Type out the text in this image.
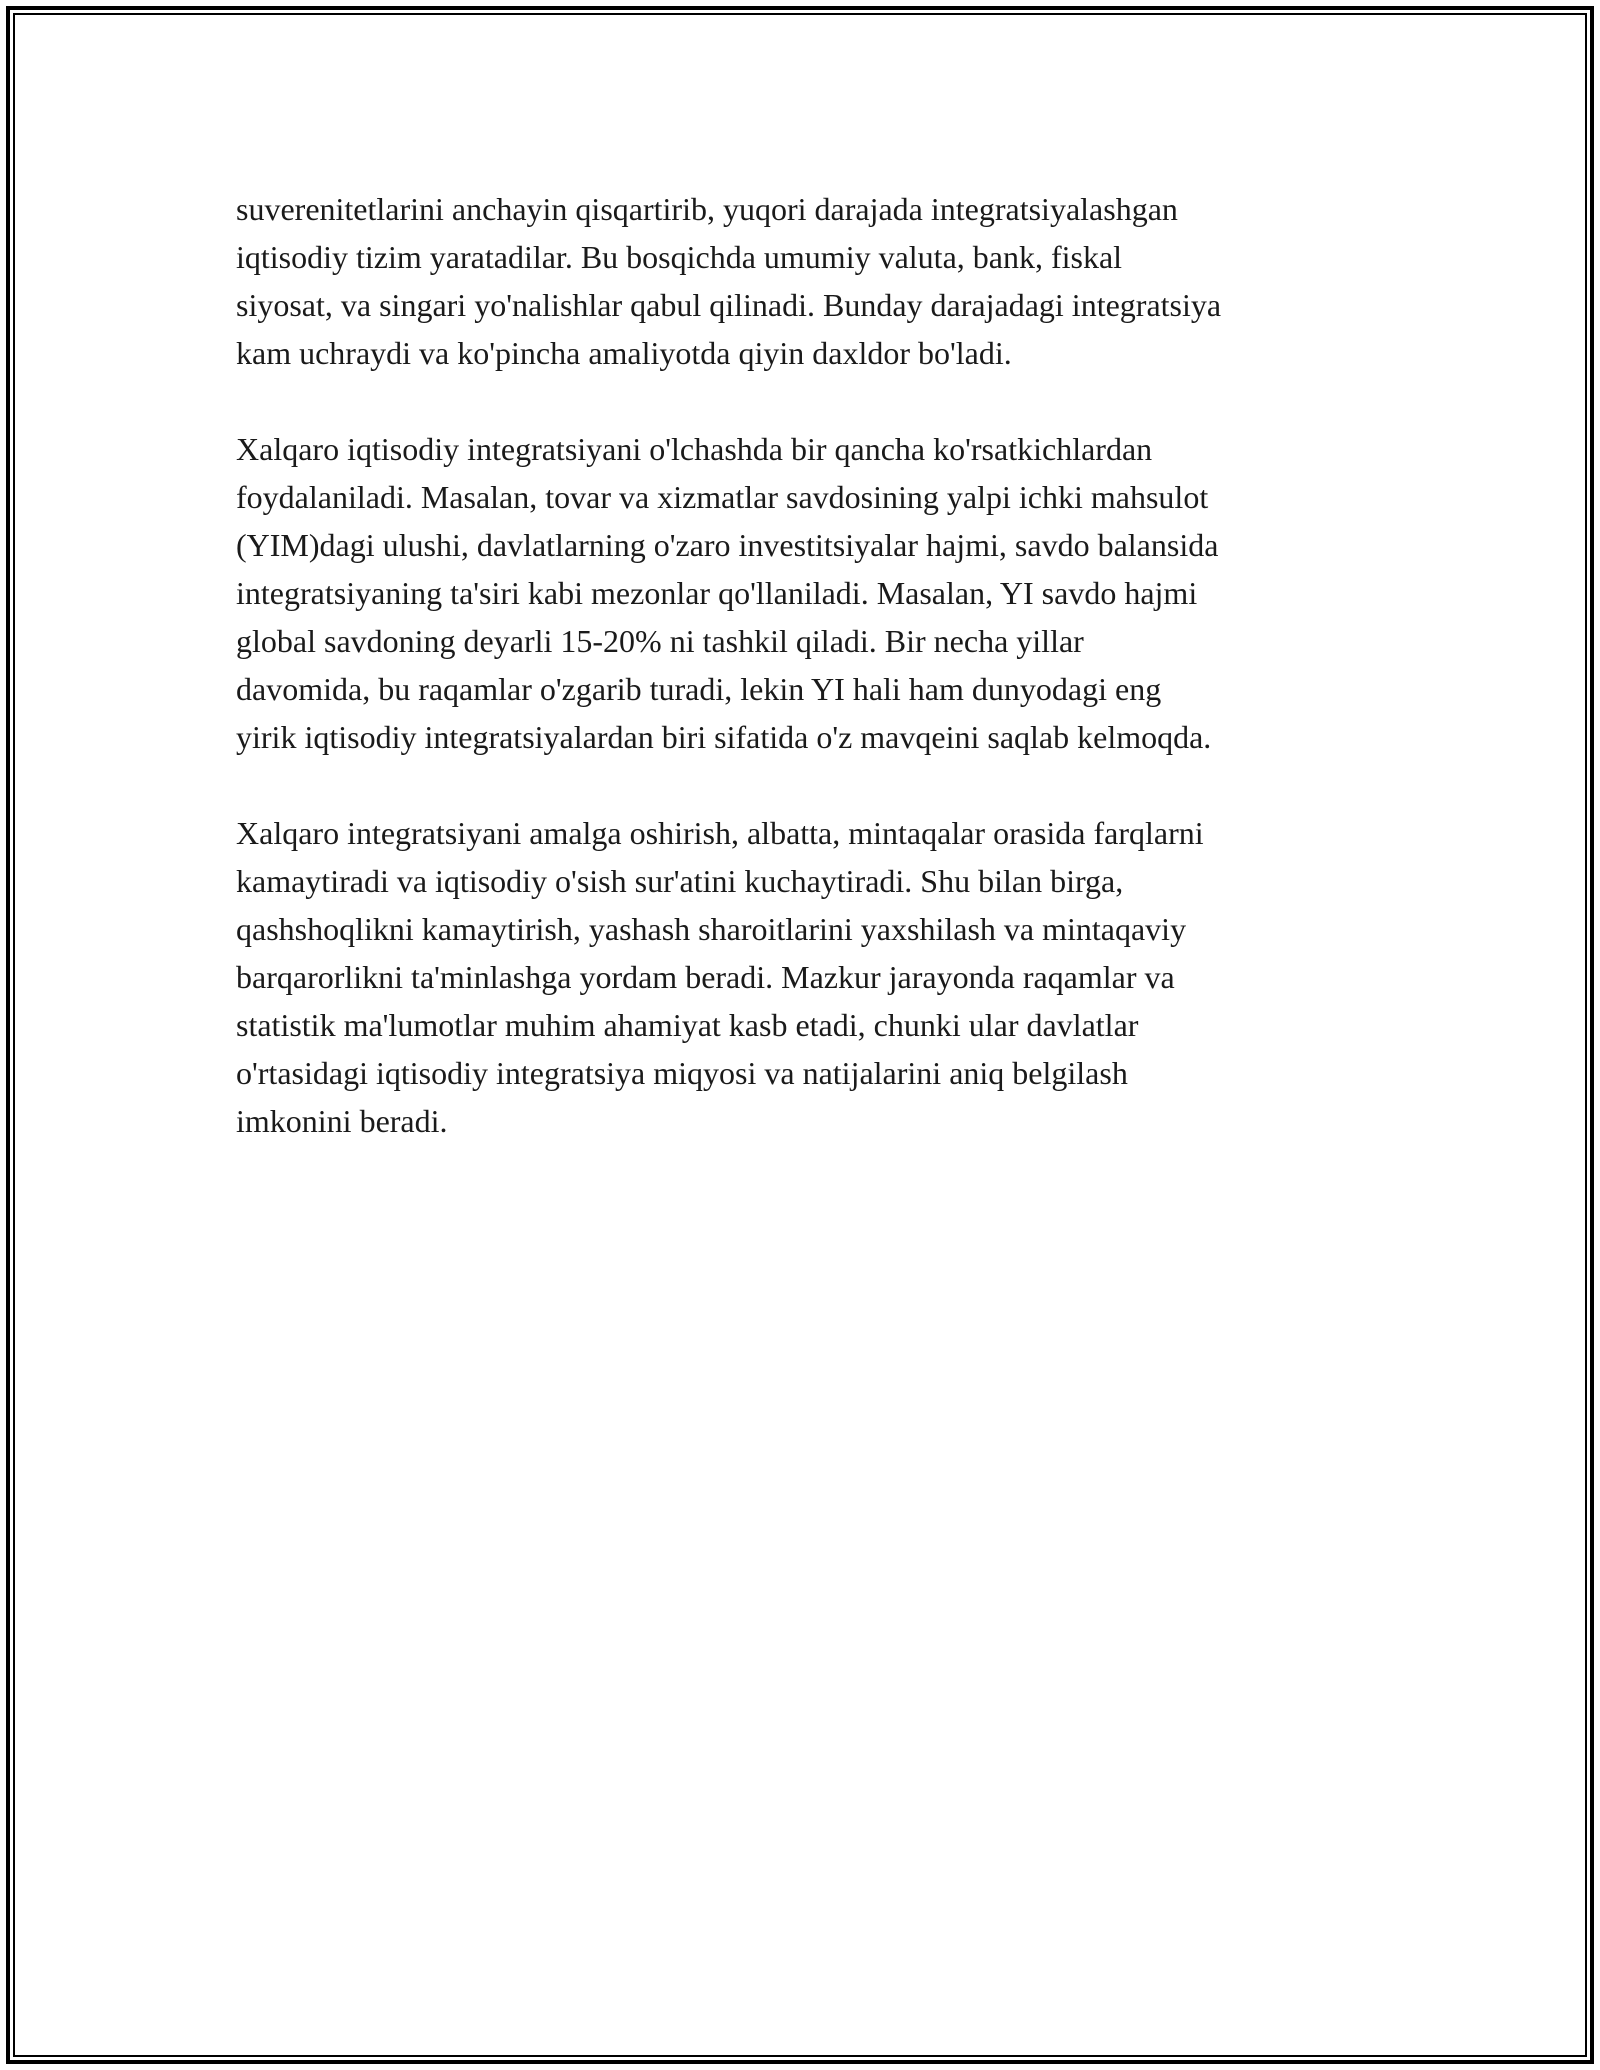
suverenitetlarini anchayin qisqartirib, yuqori darajada integratsiyalashgan
iqtisodiy tizim yaratadilar. Bu bosqichda umumiy valuta, bank, fiskal
siyosat, va singari yo'nalishlar qabul qilinadi. Bunday darajadagi integratsiya
kam uchraydi va ko'pincha amaliyotda qiyin daxldor bo'ladi.

Xalqaro iqtisodiy integratsiyani o'lchashda bir qancha ko'rsatkichlardan
foydalaniladi. Masalan, tovar va xizmatlar savdosining yalpi ichki mahsulot
(YIM)dagi ulushi, davlatlarning o'zaro investitsiyalar hajmi, savdo balansida
integratsiyaning ta'siri kabi mezonlar qo'llaniladi. Masalan, YI savdo hajmi
global savdoning deyarli 15-20% ni tashkil qiladi. Bir necha yillar
davomida, bu raqamlar o'zgarib turadi, lekin YI hali ham dunyodagi eng
yirik iqtisodiy integratsiyalardan biri sifatida o'z mavqeini saqlab kelmoqda.

Xalqaro integratsiyani amalga oshirish, albatta, mintaqalar orasida farqlarni
kamaytiradi va iqtisodiy o'sish sur'atini kuchaytiradi. Shu bilan birga,
qashshoqlikni kamaytirish, yashash sharoitlarini yaxshilash va mintaqaviy
barqarorlikni ta'minlashga yordam beradi. Mazkur jarayonda raqamlar va
statistik ma'lumotlar muhim ahamiyat kasb etadi, chunki ular davlatlar
o'rtasidagi iqtisodiy integratsiya miqyosi va natijalarini aniq belgilash
imkonini beradi.
